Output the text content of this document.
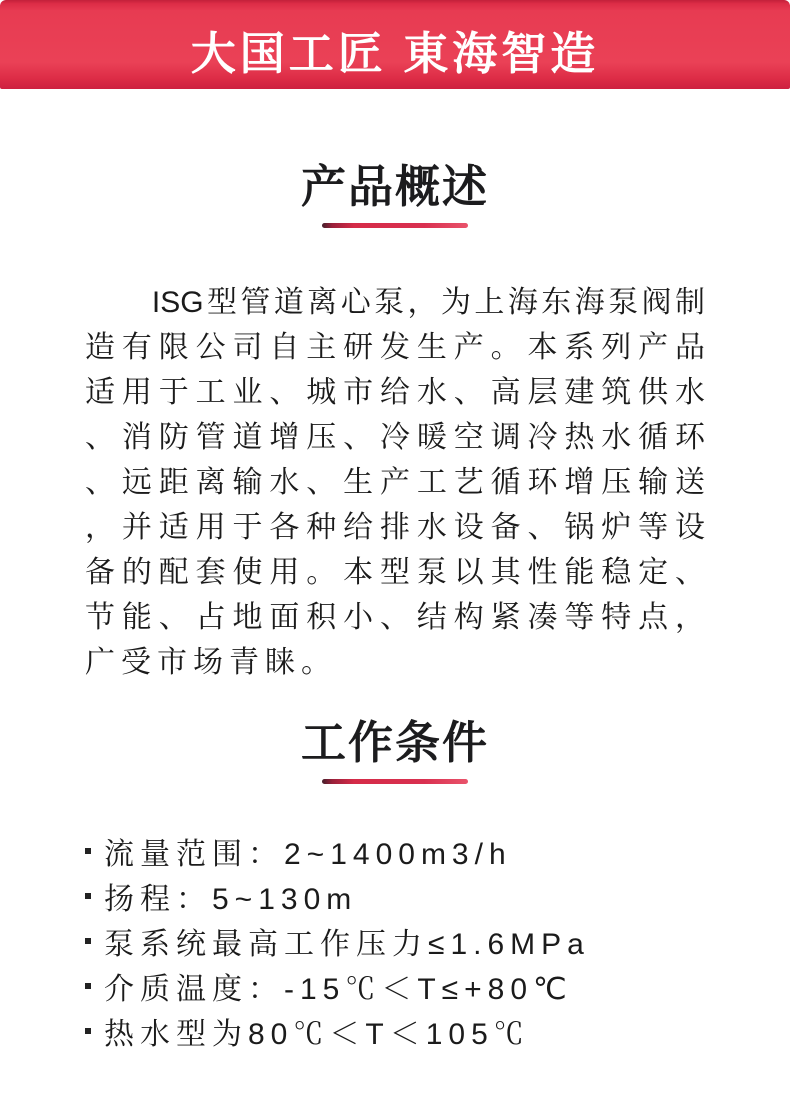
大国工匠 東海智造
产品概述
　　ISG型管道离心泵，为上海东海泵阀制
造有限公司自主研发生产。本系列产品
适用于工业、城市给水、高层建筑供水
、消防管道增压、冷暖空调冷热水循环
、远距离输水、生产工艺循环增压输送
，并适用于各种给排水设备、锅炉等设
备的配套使用。本型泵以其性能稳定、
节能、占地面积小、结构紧凑等特点，
广受市场青睐。
工作条件
流量范围：2~1400m3/h
扬程：5~130m
泵系统最高工作压力≤1.6MPa
介质温度：-15℃＜T≤+80℃
热水型为80℃＜T＜105℃
